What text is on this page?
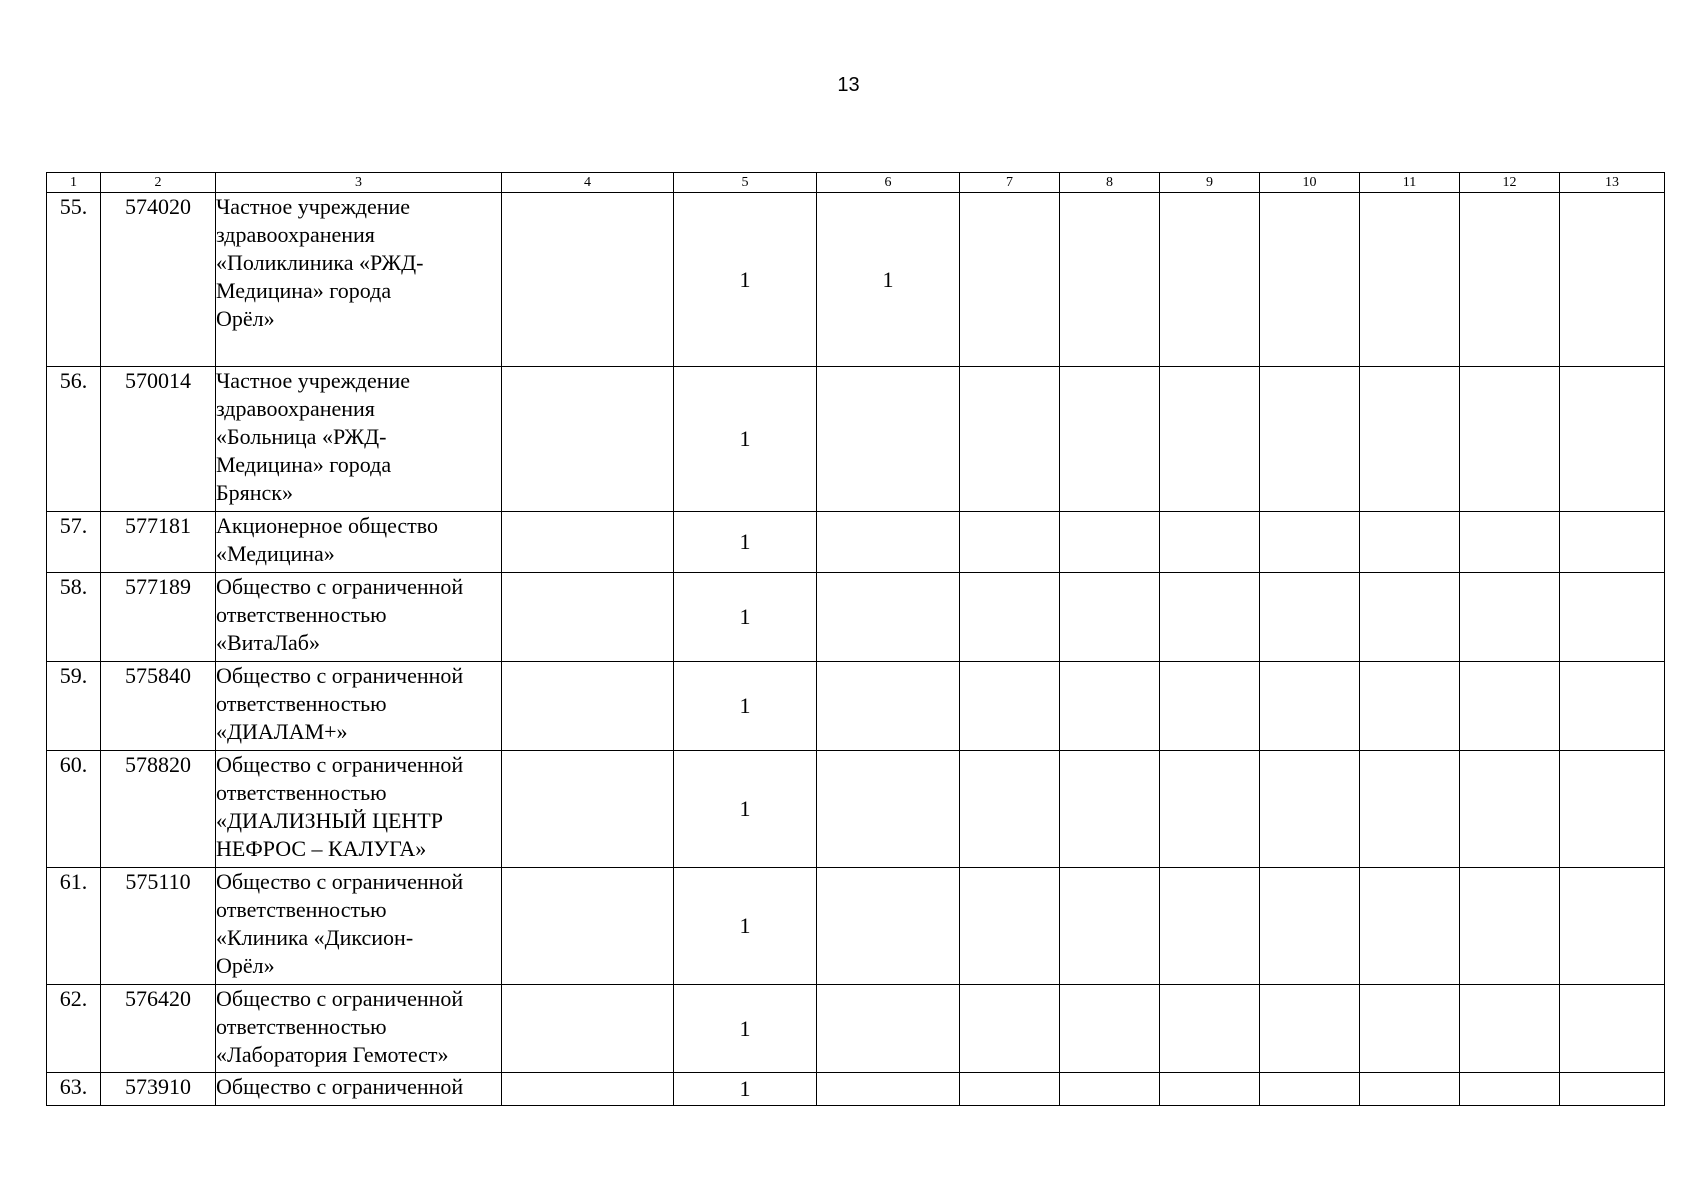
13
1	2	3	4	5	6	7	8	9	10	11	12	13
55.	574020	Частное учреждение
здравоохранения
«Поликлиника «РЖД-
Медицина» города
Орёл»		1	1							
56.	570014	Частное учреждение
здравоохранения
«Больница «РЖД-
Медицина» города
Брянск»		1								
57.	577181	Акционерное общество
«Медицина»		1								
58.	577189	Общество с ограниченной
ответственностью
«ВитаЛаб»		1								
59.	575840	Общество с ограниченной
ответственностью
«ДИАЛАМ+»		1								
60.	578820	Общество с ограниченной
ответственностью
«ДИАЛИЗНЫЙ ЦЕНТР
НЕФРОС – КАЛУГА»		1								
61.	575110	Общество с ограниченной
ответственностью
«Клиника «Диксион-
Орёл»		1								
62.	576420	Общество с ограниченной
ответственностью
«Лаборатория Гемотест»		1								
63.	573910	Общество с ограниченной		1								
